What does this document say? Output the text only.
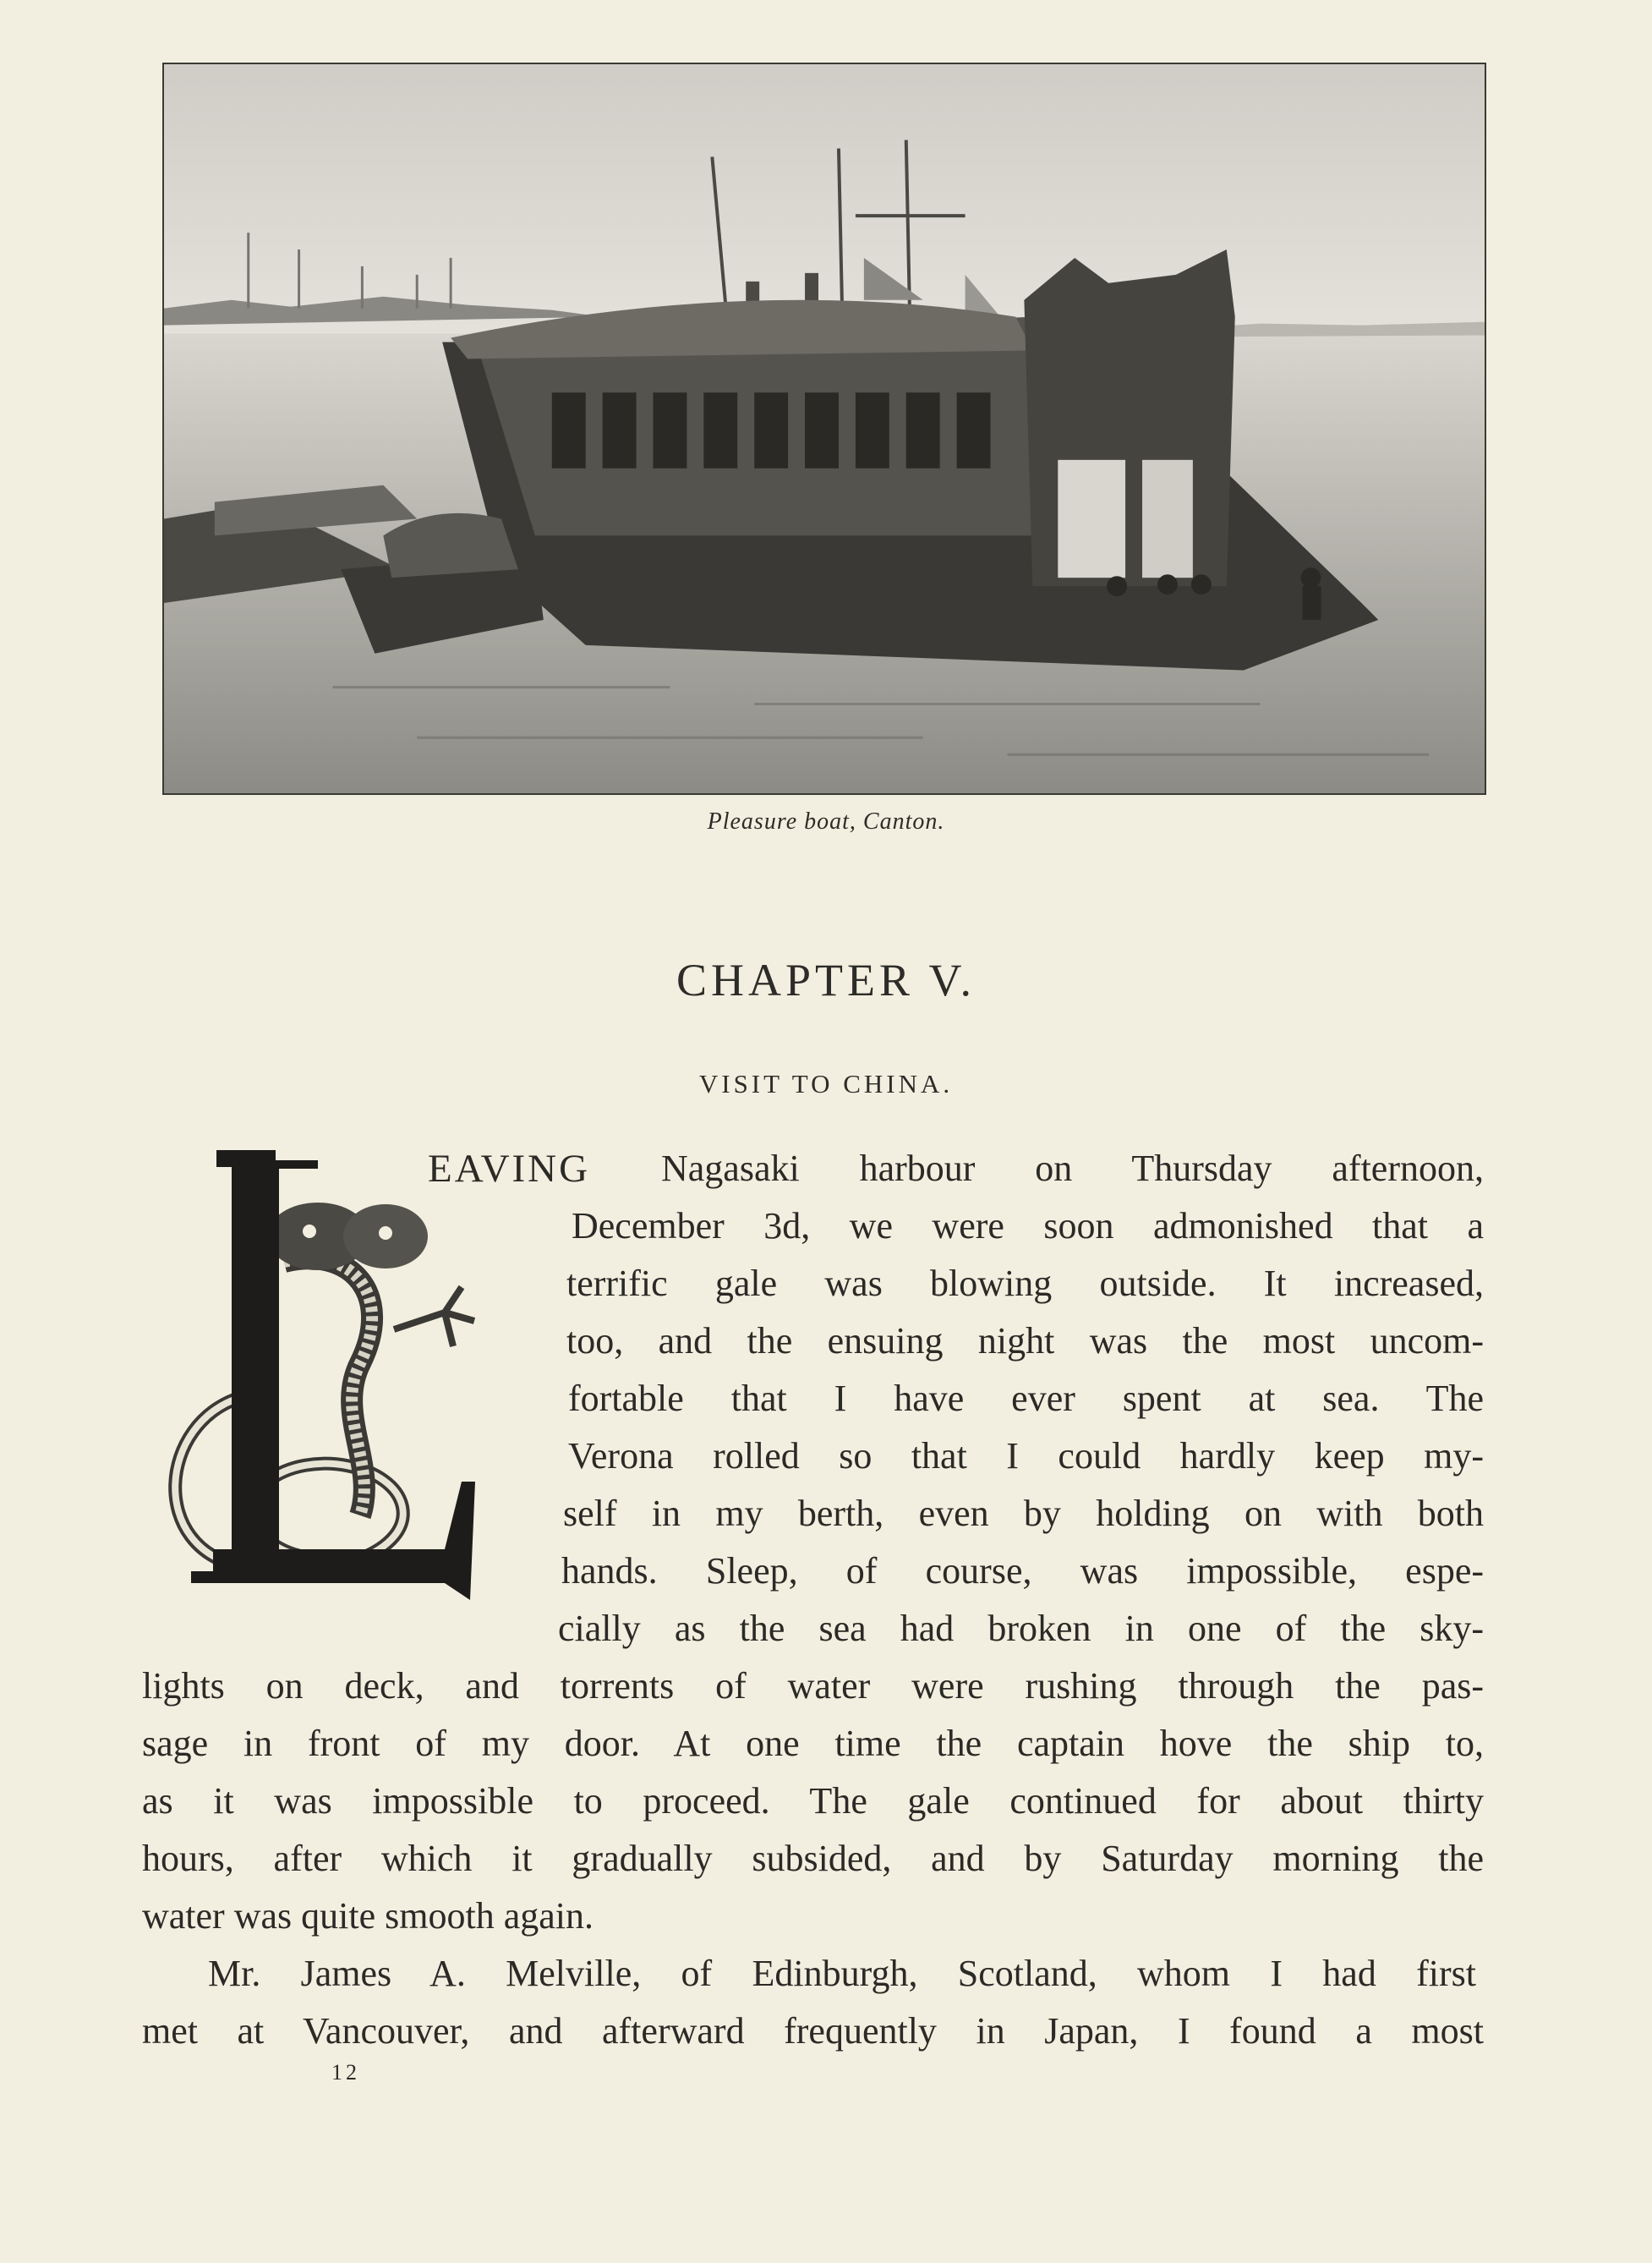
Pleasure boat, Canton.
CHAPTER V.
VISIT TO CHINA.
EAVING Nagasaki harbour on Thursday afternoon,
December 3d, we were soon admonished that a
terrific gale was blowing outside. It increased,
too, and the ensuing night was the most uncom-
fortable that I have ever spent at sea. The
Verona rolled so that I could hardly keep my-
self in my berth, even by holding on with both
hands. Sleep, of course, was impossible, espe-
cially as the sea had broken in one of the sky-
lights on deck, and torrents of water were rushing through the pas-
sage in front of my door. At one time the captain hove the ship to,
as it was impossible to proceed. The gale continued for about thirty
hours, after which it gradually subsided, and by Saturday morning the
water was quite smooth again.
Mr. James A. Melville, of Edinburgh, Scotland, whom I had first
met at Vancouver, and afterward frequently in Japan, I found a most
12
